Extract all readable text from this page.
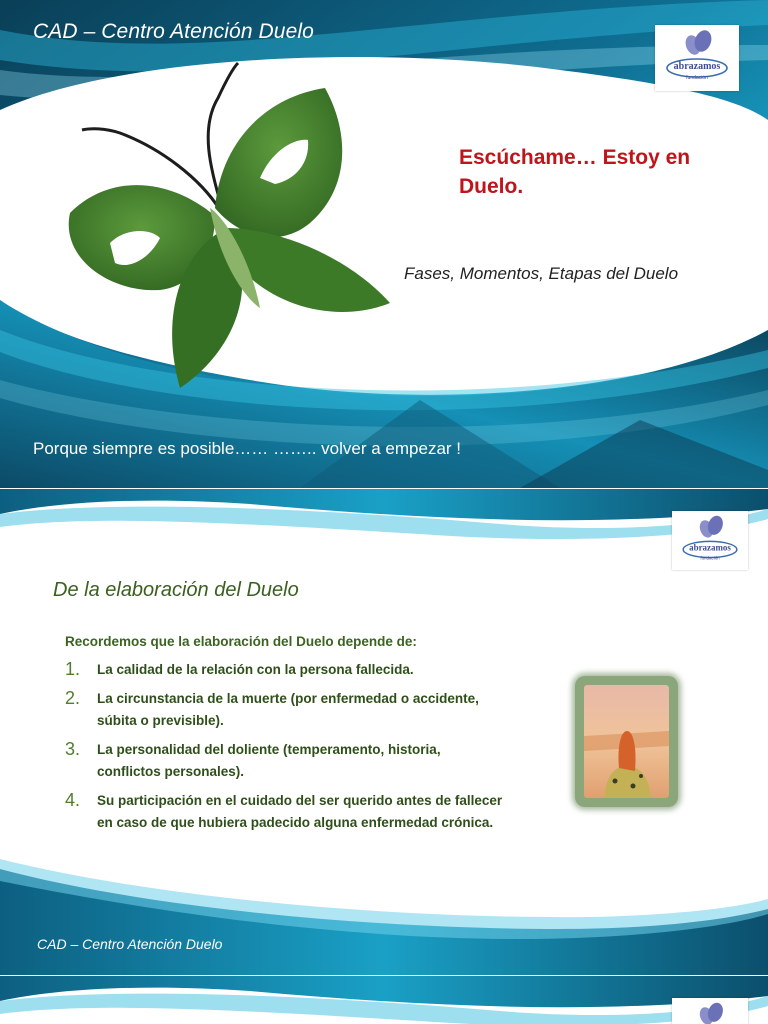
CAD – Centro Atención Duelo
abrazamos
fundación
Escúchame… Estoy en Duelo.
Fases, Momentos, Etapas del Duelo
Porque siempre es posible…… …….. volver a empezar !
abrazamos
fundación
De la elaboración del Duelo
Recordemos que la elaboración del Duelo depende de:
1.	La calidad de la relación con la persona fallecida.
2.	La circunstancia de la muerte (por enfermedad o accidente, súbita o previsible).
3.	La personalidad del doliente (temperamento, historia, conflictos personales).
4.	Su participación en el cuidado del ser querido antes de fallecer en caso de que hubiera padecido alguna enfermedad crónica.
CAD – Centro Atención Duelo
